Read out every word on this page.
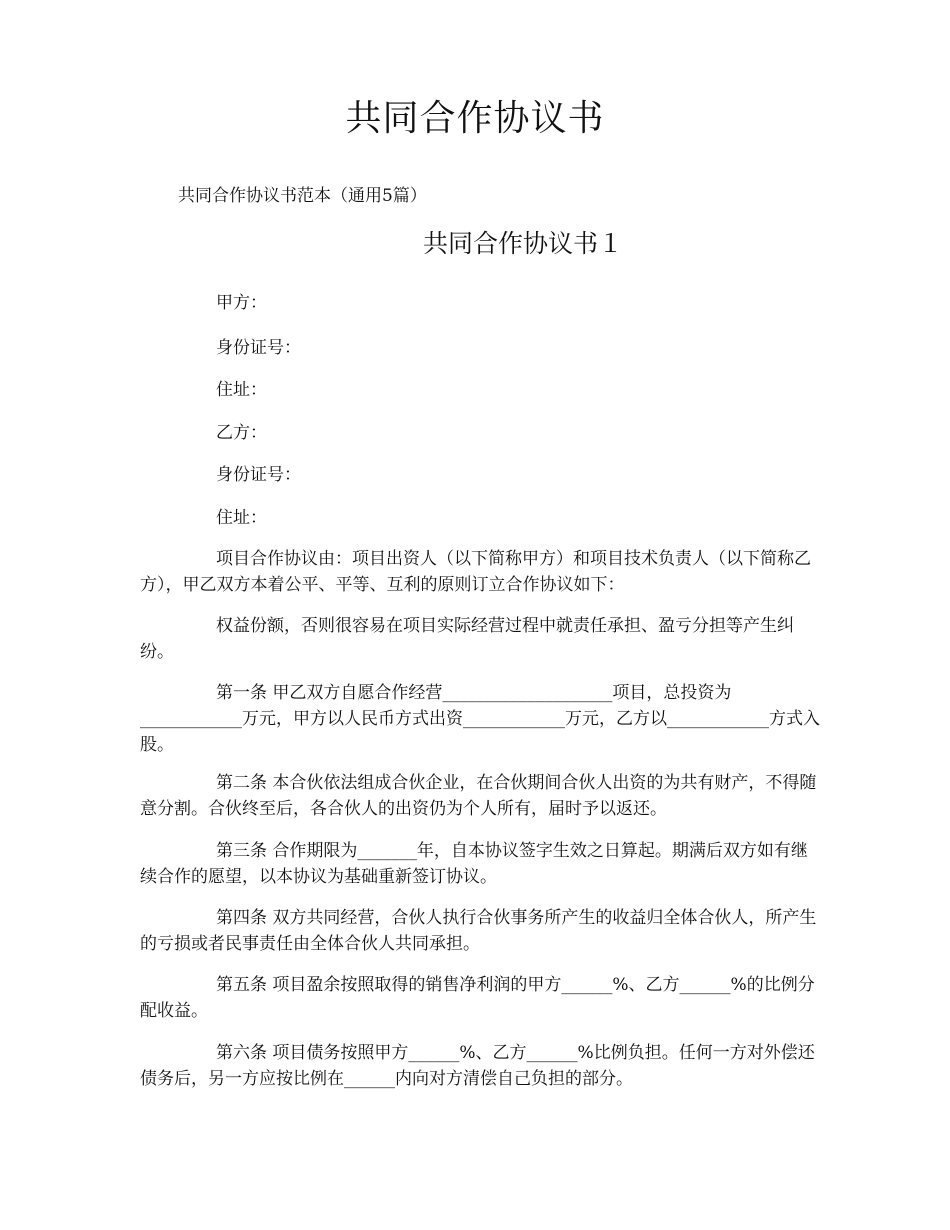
共同合作协议书
共同合作协议书范本（通用5篇）
共同合作协议书１
甲方：
身份证号：
住址：
乙方：
身份证号：
住址：

项目合作协议由：项目出资人（以下简称甲方）和项目技术负责人（以下简称乙方），甲乙双方本着公平、平等、互利的原则订立合作协议如下：

权益份额，否则很容易在项目实际经营过程中就责任承担、盈亏分担等产生纠纷。

第一条 甲乙双方自愿合作经营____________________项目，总投资为____________万元，甲方以人民币方式出资____________万元，乙方以____________方式入股。

第二条 本合伙依法组成合伙企业，在合伙期间合伙人出资的为共有财产，不得随意分割。合伙终至后，各合伙人的出资仍为个人所有，届时予以返还。

第三条 合作期限为_______年，自本协议签字生效之日算起。期满后双方如有继续合作的愿望，以本协议为基础重新签订协议。

第四条 双方共同经营，合伙人执行合伙事务所产生的收益归全体合伙人，所产生的亏损或者民事责任由全体合伙人共同承担。

第五条 项目盈余按照取得的销售净利润的甲方______%、乙方______%的比例分配收益。

第六条 项目债务按照甲方______%、乙方______%比例负担。任何一方对外偿还债务后，另一方应按比例在______内向对方清偿自己负担的部分。
